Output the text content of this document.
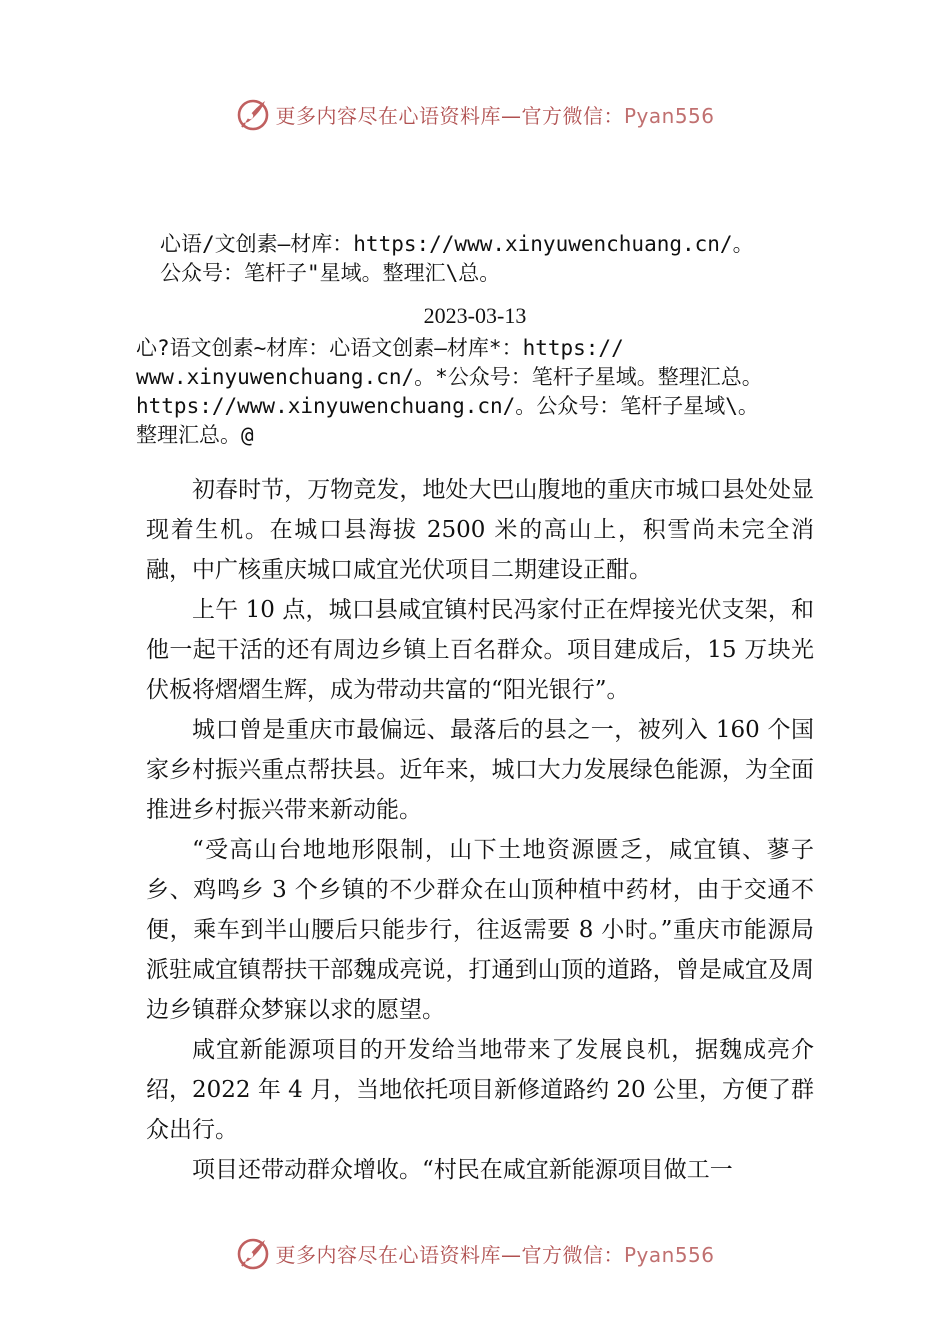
更多内容尽在心语资料库—官方微信：Pyan556
心语/文创素—材库：https://www.xinyuwenchuang.cn/。
公众号：笔杆子"星域。整理汇\总。
2023-03-13
心?语文创素~材库：心语文创素—材库*：https://
www.xinyuwenchuang.cn/。*公众号：笔杆子星域。整理汇总。
https://www.xinyuwenchuang.cn/。公众号：笔杆子星域\。
整理汇总。@

初春时节，万物竞发，地处大巴山腹地的重庆市城口县处处显现着生机。在城口县海拔 2500 米的高山上，积雪尚未完全消融，中广核重庆城口咸宜光伏项目二期建设正酣。

上午 10 点，城口县咸宜镇村民冯家付正在焊接光伏支架，和他一起干活的还有周边乡镇上百名群众。项目建成后，15 万块光伏板将熠熠生辉，成为带动共富的“阳光银行”。

城口曾是重庆市最偏远、最落后的县之一，被列入 160 个国家乡村振兴重点帮扶县。近年来，城口大力发展绿色能源，为全面推进乡村振兴带来新动能。

“受高山台地地形限制，山下土地资源匮乏，咸宜镇、蓼子乡、鸡鸣乡 3 个乡镇的不少群众在山顶种植中药材，由于交通不便，乘车到半山腰后只能步行，往返需要 8 小时。”重庆市能源局派驻咸宜镇帮扶干部魏成亮说，打通到山顶的道路，曾是咸宜及周边乡镇群众梦寐以求的愿望。

咸宜新能源项目的开发给当地带来了发展良机，据魏成亮介绍，2022 年 4 月，当地依托项目新修道路约 20 公里，方便了群众出行。

项目还带动群众增收。“村民在咸宜新能源项目做工一

更多内容尽在心语资料库—官方微信：Pyan556
